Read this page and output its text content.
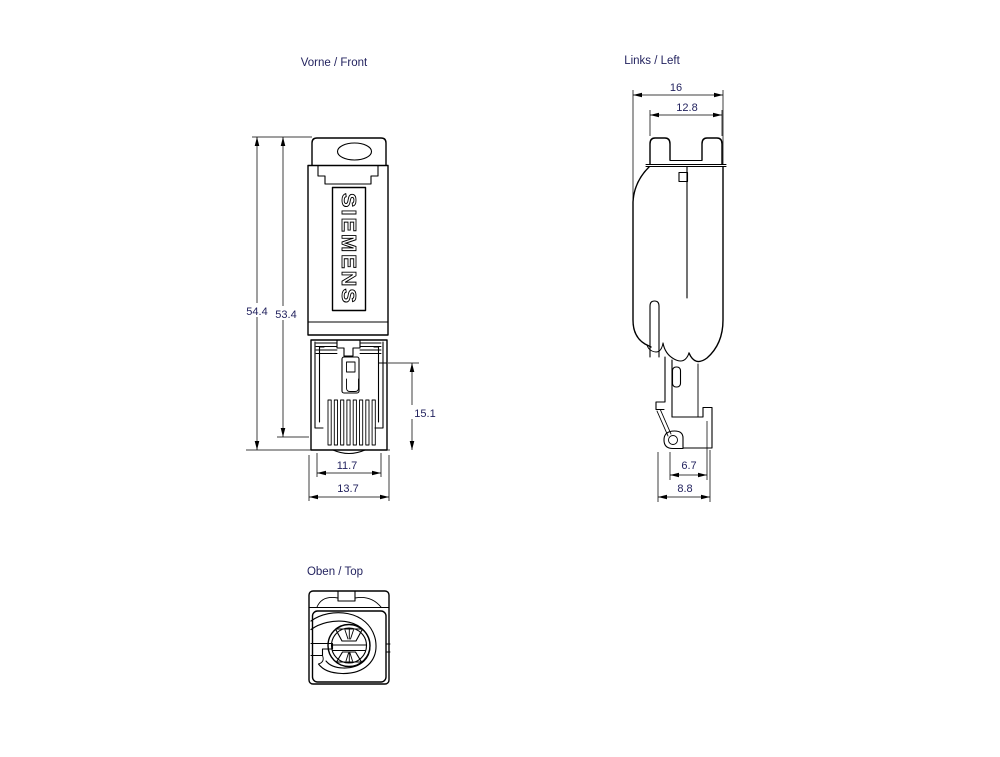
Vorne / Front
SIEMENS
54.4 53.4
15.1
11.7
13.7
Links / Left
16
12.8
6.7
8.8
Oben / Top
